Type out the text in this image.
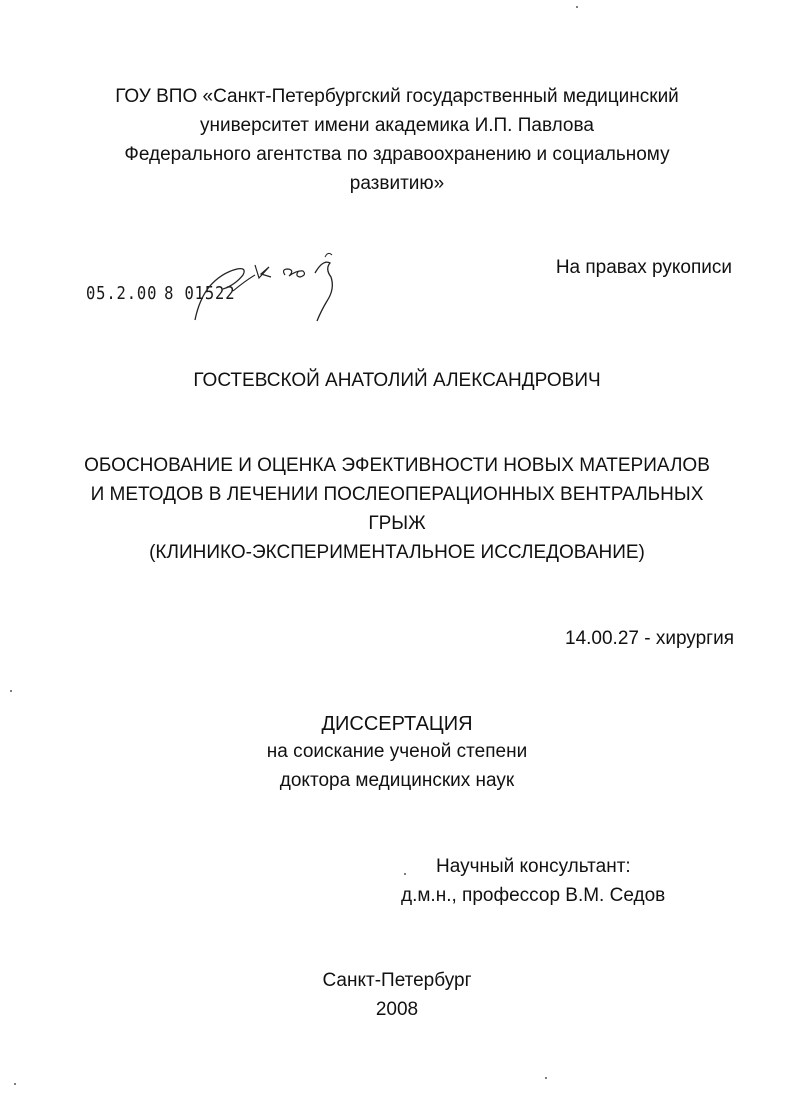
ГОУ ВПО «Санкт-Петербургский государственный медицинский
университет имени академика И.П. Павлова
Федерального агентства по здравоохранению и социальному
развитию»
На правах рукописи
05.2.00 8 01522
ГОСТЕВСКОЙ АНАТОЛИЙ АЛЕКСАНДРОВИЧ
ОБОСНОВАНИЕ И ОЦЕНКА ЭФЕКТИВНОСТИ НОВЫХ МАТЕРИАЛОВ
И МЕТОДОВ В ЛЕЧЕНИИ ПОСЛЕОПЕРАЦИОННЫХ ВЕНТРАЛЬНЫХ
ГРЫЖ
(КЛИНИКО-ЭКСПЕРИМЕНТАЛЬНОЕ ИССЛЕДОВАНИЕ)
14.00.27 - хирургия
ДИССЕРТАЦИЯ
на соискание ученой степени
доктора медицинских наук
Научный консультант:
д.м.н., профессор В.М. Седов
Санкт-Петербург
2008
